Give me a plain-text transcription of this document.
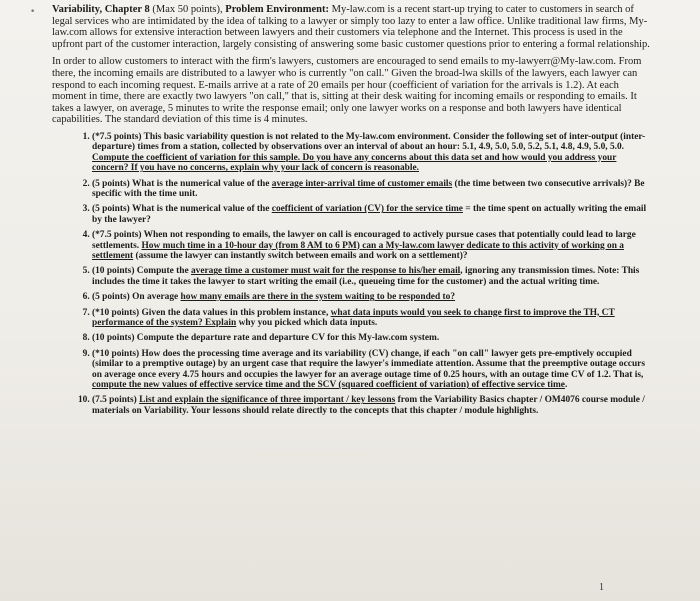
• Variability, Chapter 8 (Max 50 points), Problem Environment: My-law.com is a recent start-up trying to cater to customers in search of legal services who are intimidated by the idea of talking to a lawyer or simply too lazy to enter a law office. Unlike traditional law firms, My-law.com allows for extensive interaction between lawyers and their customers via telephone and the Internet. This process is used in the upfront part of the customer interaction, largely consisting of answering some basic customer questions prior to entering a formal relationship.

In order to allow customers to interact with the firm's lawyers, customers are encouraged to send emails to my-lawyerr@My-law.com. From there, the incoming emails are distributed to a lawyer who is currently "on call." Given the broad-lwa skills of the lawyers, each lawyer can respond to each incoming request. E-mails arrive at a rate of 20 emails per hour (coefficient of variation for the arrivals is 1.2). At each moment in time, there are exactly two lawyers "on call," that is, sitting at their desk waiting for incoming emails or responding to emails. It takes a lawyer, on average, 5 minutes to write the response email; only one lawyer works on a response and both lawyers have identical capabilities. The standard deviation of this time is 4 minutes.

1. (*7.5 points) This basic variability question is not related to the My-law.com environment. Consider the following set of inter-output (inter-departure) times from a station, collected by observations over an interval of about an hour: 5.1, 4.9, 5.0, 5.0, 5.2, 5.1, 4.8, 4.9, 5.0, 5.0. Compute the coefficient of variation for this sample. Do you have any concerns about this data set and how would you address your concern? If you have no concerns, explain why your lack of concern is reasonable.
2. (5 points) What is the numerical value of the average inter-arrival time of customer emails (the time between two consecutive arrivals)? Be specific with the time unit.
3. (5 points) What is the numerical value of the coefficient of variation (CV) for the service time = the time spent on actually writing the email by the lawyer?
4. (*7.5 points) When not responding to emails, the lawyer on call is encouraged to actively pursue cases that potentially could lead to large settlements. How much time in a 10-hour day (from 8 AM to 6 PM) can a My-law.com lawyer dedicate to this activity of working on a settlement (assume the lawyer can instantly switch between emails and work on a settlement)?
5. (10 points) Compute the average time a customer must wait for the response to his/her email, ignoring any transmission times. Note: This includes the time it takes the lawyer to start writing the email (i.e., queueing time for the customer) and the actual writing time.
6. (5 points) On average how many emails are there in the system waiting to be responded to?
7. (*10 points) Given the data values in this problem instance, what data inputs would you seek to change first to improve the TH, CT performance of the system? Explain why you picked which data inputs.
8. (10 points) Compute the departure rate and departure CV for this My-law.com system.
9. (*10 points) How does the processing time average and its variability (CV) change, if each "on call" lawyer gets pre-emptively occupied (similar to a premptive outage) by an urgent case that require the lawyer's immediate attention. Assume that the preemptive outage occurs on average once every 4.75 hours and occupies the lawyer for an average outage time of 0.25 hours, with an outage time CV of 1.2. That is, compute the new values of effective service time and the SCV (squared coefficient of variation) of effective service time.
10. (7.5 points) List and explain the significance of three important / key lessons from the Variability Basics chapter / OM4076 course module / materials on Variability. Your lessons should relate directly to the concepts that this chapter / module highlights.
1
